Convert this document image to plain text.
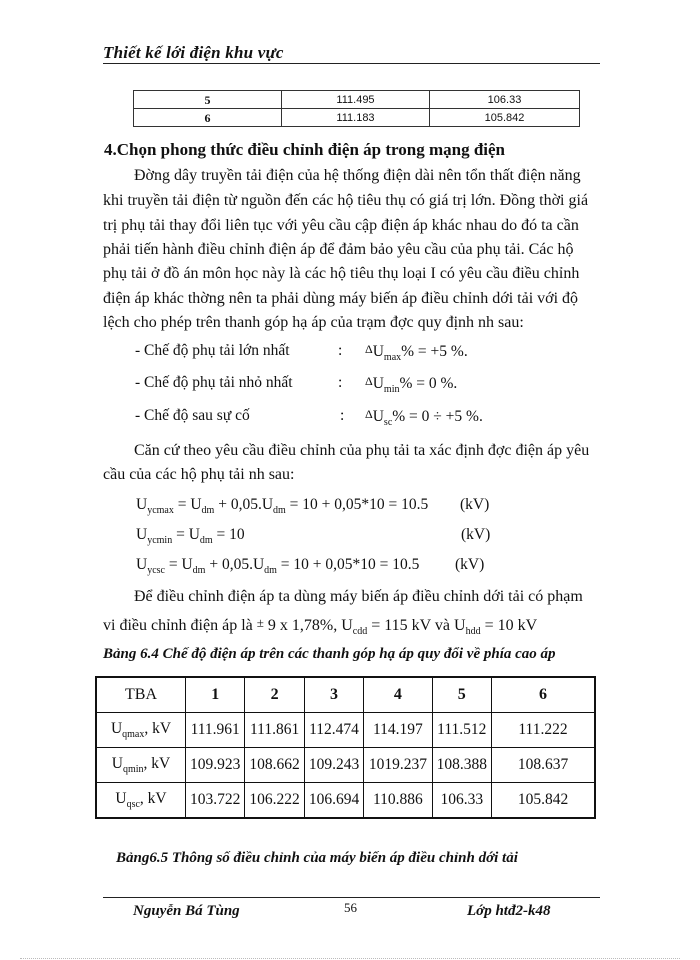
Thiết kế lới điện khu vực
5	111.495	106.33
6	111.183	105.842
4.Chọn phong thức điều chỉnh điện áp trong mạng điện
Đờng dây truyền tải điện của hệ thống điện dài nên tổn thất điện năng
khi truyền tải điện từ nguồn đến các hộ tiêu thụ có giá trị lớn. Đồng thời giá
trị phụ tải thay đổi liên tục với yêu cầu cập điện áp khác nhau do đó ta cần
phải tiến hành điều chỉnh điện áp để đảm bảo yêu cầu của phụ tải. Các hộ
phụ tải ở đồ án môn học này là các hộ tiêu thụ loại I có yêu cầu điều chỉnh
điện áp khác thờng nên ta phải dùng máy biến áp điều chỉnh dới tải với độ
lệch cho phép trên thanh góp hạ áp của trạm đợc quy định nh sau:
- Chế độ phụ tải lớn nhất	: $\Delta U_{max}\% = +5$ %.
- Chế độ phụ tải nhỏ nhất	: $\Delta U_{min}\% = 0$ %.
- Chế độ sau sự cố	: $\Delta U_{sc}\% = 0 \div +5$ %.
Căn cứ theo yêu cầu điều chỉnh của phụ tải ta xác định đợc điện áp yêu
cầu của các hộ phụ tải nh sau:
$U_{ycmax} = U_{dm} + 0,05.U_{dm} = 10 + 0,05*10 = 10.5$ (kV)
$U_{ycmin} = U_{dm} = 10$	(kV)
$U_{ycsc} = U_{dm} + 0,05.U_{dm} = 10 + 0,05*10 = 10.5$ (kV)
Để điều chỉnh điện áp ta dùng máy biến áp điều chỉnh dới tải có phạm
vi điều chỉnh điện áp là ± 9 x 1,78%, $U_{cdd} = 115$ kV và $U_{hdd} = 10$ kV
Bảng 6.4 Chế độ điện áp trên các thanh góp hạ áp quy đổi về phía cao áp
TBA	1	2	3	4	5	6
$U_{qmax}$, kV	111.961	111.861	112.474	114.197	111.512	111.222
$U_{qmin}$, kV	109.923	108.662	109.243	1019.237	108.388	108.637
$U_{qsc}$, kV	103.722	106.222	106.694	110.886	106.33	105.842
Bảng6.5 Thông số điều chỉnh của máy biến áp điều chỉnh dới tải
Nguyễn Bá Tùng	56	Lớp htđ2-k48
